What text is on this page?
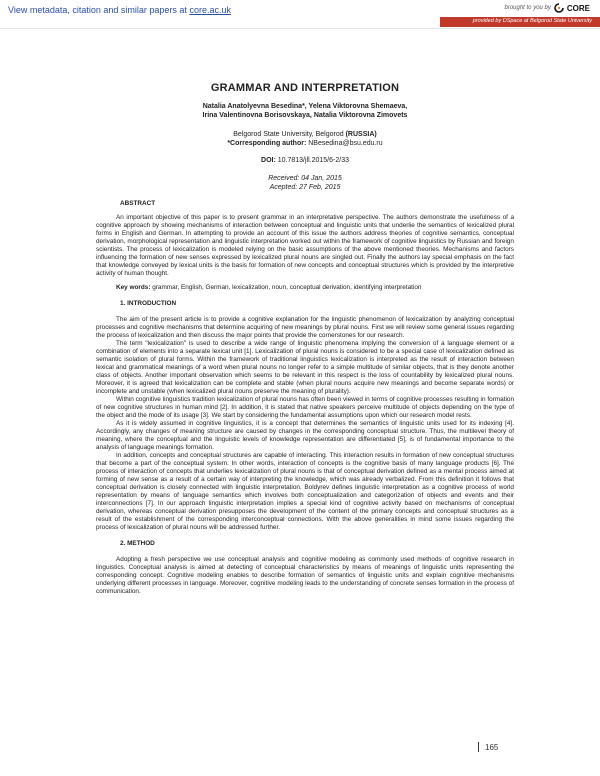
View metadata, citation and similar papers at core.ac.uk	brought to you by CORE
provided by DSpace at Belgorod State University
GRAMMAR AND INTERPRETATION
Natalia Anatolyevna Besedina*, Yelena Viktorovna Shemaeva,
Irina Valentinovna Borisovskaya, Natalia Viktorovna Zimovets
Belgorod State University, Belgorod (RUSSIA)
*Corresponding author: NBesedina@bsu.edu.ru
DOI: 10.7813/jll.2015/6-2/33
Received: 04 Jan, 2015
Acepted: 27 Feb, 2015
ABSTRACT

An important objective of this paper is to present grammar in an interpretative perspective. The authors demonstrate the usefulness of a cognitive approach by showing mechanisms of interaction between conceptual and linguistic units that underlie the semantics of lexicalized plural forms in English and German. In attempting to provide an account of this issue the authors address theories of cognitive semantics, conceptual derivation, morphological representation and linguistic interpretation worked out within the framework of cognitive linguistics by Russian and foreign scientists. The process of lexicalization is modeled relying on the basic assumptions of the above mentioned theories. Mechanisms and factors influencing the formation of new senses expressed by lexicalized plural nouns are singled out. Finally the authors lay special emphasis on the fact that knowledge conveyed by lexical units is the basis for formation of new concepts and conceptual structures which is provided by the interpretive activity of human thought.

Key words: grammar, English, German, lexicalization, noun, conceptual derivation, identifying interpretation

1. INTRODUCTION

The aim of the present article is to provide a cognitive explanation for the linguistic phenomenon of lexicalization by analyzing conceptual processes and cognitive mechanisms that determine acquiring of new meanings by plural nouns. First we will review some general issues regarding the process of lexicalization and then discuss the major points that provide the cornerstones for our research.

The term "lexicalization" is used to describe a wide range of linguistic phenomena implying the conversion of a language element or a combination of elements into a separate lexical unit [1]. Lexicalization of plural nouns is considered to be a special case of lexicalization defined as semantic isolation of plural forms. Within the framework of traditional linguistics lexicalization is interpreted as the result of interaction between lexical and grammatical meanings of a word when plural nouns no longer refer to a simple multitude of similar objects, that is they denote another class of objects. Another important observation which seems to be relevant in this respect is the loss of countability by lexicalized plural nouns. Moreover, it is agreed that lexicalization can be complete and stable (when plural nouns acquire new meanings and become separate words) or incomplete and unstable (when lexicalized plural nouns preserve the meaning of plurality).

Within cognitive linguistics tradition lexicalization of plural nouns has often been viewed in terms of cognitive processes resulting in formation of new cognitive structures in human mind [2]. In addition, it is stated that native speakers perceive multitude of objects depending on the type of the object and the mode of its usage [3]. We start by considering the fundamental assumptions upon which our research model rests.

As it is widely assumed in cognitive linguistics, it is a concept that determines the semantics of linguistic units used for its indexing [4]. Accordingly, any changes of meaning structure are caused by changes in the corresponding conceptual structure. Thus, the multilevel theory of meaning, where the conceptual and the linguistic levels of knowledge representation are differentiated [5], is of fundamental importance to the analysis of language meanings formation.

In addition, concepts and conceptual structures are capable of interacting. This interaction results in formation of new conceptual structures that become a part of the conceptual system. In other words, interaction of concepts is the cognitive basis of many language products [6]. The process of interaction of concepts that underlies lexicalization of plural nouns is that of conceptual derivation defined as a mental process aimed at forming of new sense as a result of a certain way of interpreting the knowledge, which was already verbalized. From this definition it follows that conceptual derivation is closely connected with linguistic interpretation. Boldyrev defines linguistic interpretation as a cognitive process of world representation by means of language semantics which involves both conceptualization and categorization of objects and events and their interconnections [7]. In our approach linguistic interpretation implies a special kind of cognitive activity based on mechanisms of conceptual derivation, whereas conceptual derivation presupposes the development of the content of the primary concepts and conceptual structures as a result of the establishment of the corresponding interconceptual connections. With the above generalities in mind some issues regarding the process of lexicalization of plural nouns will be addressed further.

2. METHOD

Adopting a fresh perspective we use conceptual analysis and cognitive modeling as commonly used methods of cognitive research in linguistics. Conceptual analysis is aimed at detecting of conceptual characteristics by means of meanings of linguistic units representing the corresponding concept. Cognitive modeling enables to describe formation of semantics of linguistic units and explain cognitive mechanisms underlying different processes in language. Moreover, cognitive modeling leads to the understanding of concrete senses formation in the process of communication.

165
